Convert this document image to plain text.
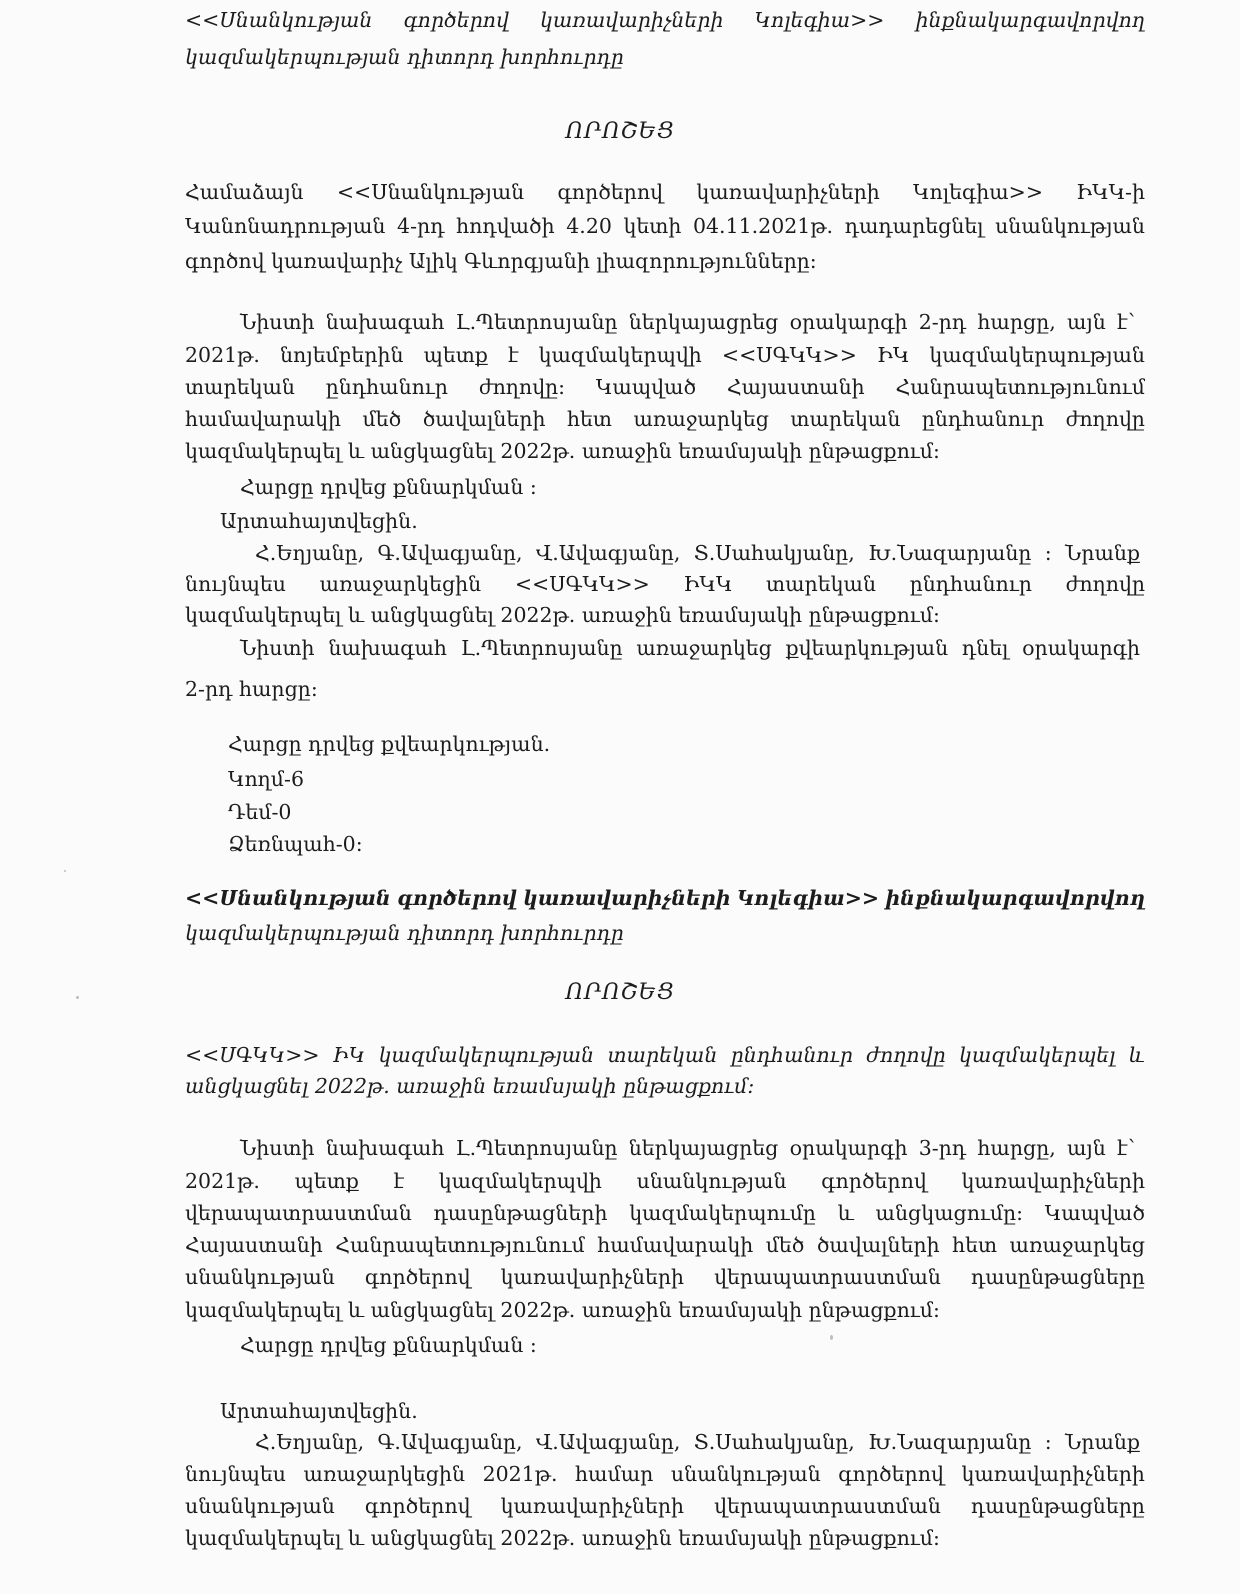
<<Սնանկության գործերով կառավարիչների Կոլեգիա>> ինքնակարգավորվող
կազմակերպության դիտորդ խորհուրդը
ՈՐՈՇԵՑ
Համաձայն <<Սնանկության գործերով կառավարիչների Կոլեգիա>> ԻԿԿ-ի
Կանոնադրության 4-րդ հոդվածի 4.20 կետի 04.11.2021թ. դադարեցնել սնանկության
գործով կառավարիչ Ալիկ Գևորգյանի լիազորությունները:
Նիստի նախագահ Լ.Պետրոսյանը ներկայացրեց օրակարգի 2-րդ հարցը, այն է՝
2021թ. նոյեմբերին պետք է կազմակերպվի <<ՍԳԿԿ>> ԻԿ կազմակերպության
տարեկան ընդհանուր ժողովը: Կապված Հայաստանի Հանրապետությունում
համավարակի մեծ ծավալների հետ առաջարկեց տարեկան ընդհանուր ժողովը
կազմակերպել և անցկացնել 2022թ. առաջին եռամսյակի ընթացքում:
Հարցը դրվեց քննարկման :
Արտահայտվեցին.
Հ.Եղյանը, Գ.Ավագյանը, Վ.Ավագյանը, Տ.Սահակյանը, Խ.Նազարյանը : Նրանք
նույնպես առաջարկեցին <<ՍԳԿԿ>> ԻԿԿ տարեկան ընդհանուր ժողովը
կազմակերպել և անցկացնել 2022թ. առաջին եռամսյակի ընթացքում:
Նիստի նախագահ Լ.Պետրոսյանը առաջարկեց քվեարկության դնել օրակարգի
2-րդ հարցը:
Հարցը դրվեց քվեարկության.
Կողմ-6
Դեմ-0
Ձեռնպահ-0:
<<Սնանկության գործերով կառավարիչների Կոլեգիա>> ինքնակարգավորվող
կազմակերպության դիտորդ խորհուրդը
ՈՐՈՇԵՑ
<<ՍԳԿԿ>> ԻԿ կազմակերպության տարեկան ընդհանուր ժողովը կազմակերպել և
անցկացնել 2022թ. առաջին եռամսյակի ընթացքում:
Նիստի նախագահ Լ.Պետրոսյանը ներկայացրեց օրակարգի 3-րդ հարցը, այն է՝
2021թ. պետք է կազմակերպվի սնանկության գործերով կառավարիչների
վերապատրաստման դասընթացների կազմակերպումը և անցկացումը: Կապված
Հայաստանի Հանրապետությունում համավարակի մեծ ծավալների հետ առաջարկեց
սնանկության գործերով կառավարիչների վերապատրաստման դասընթացները
կազմակերպել և անցկացնել 2022թ. առաջին եռամսյակի ընթացքում:
Հարցը դրվեց քննարկման :
Արտահայտվեցին.
Հ.Եղյանը, Գ.Ավագյանը, Վ.Ավագյանը, Տ.Սահակյանը, Խ.Նազարյանը : Նրանք
նույնպես առաջարկեցին 2021թ. համար սնանկության գործերով կառավարիչների
սնանկության գործերով կառավարիչների վերապատրաստման դասընթացները
կազմակերպել և անցկացնել 2022թ. առաջին եռամսյակի ընթացքում:
